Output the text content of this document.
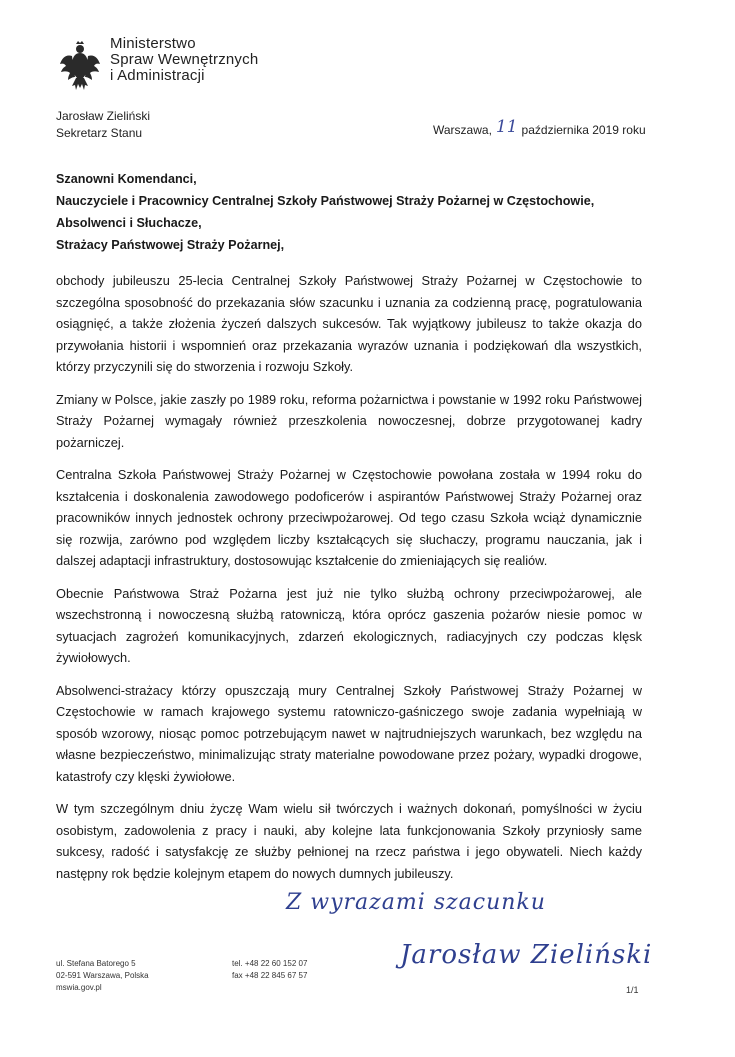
Ministerstwo
Spraw Wewnętrznych
i Administracji
Jarosław Zieliński
Sekretarz Stanu	Warszawa, 11 października 2019 roku
Szanowni Komendanci,
Nauczyciele i Pracownicy Centralnej Szkoły Państwowej Straży Pożarnej w Częstochowie,
Absolwenci i Słuchacze,
Strażacy Państwowej Straży Pożarnej,

obchody jubileuszu 25-lecia Centralnej Szkoły Państwowej Straży Pożarnej w Częstochowie to szczególna sposobność do przekazania słów szacunku i uznania za codzienną pracę, pogratulowania osiągnięć, a także złożenia życzeń dalszych sukcesów. Tak wyjątkowy jubileusz to także okazja do przywołania historii i wspomnień oraz przekazania wyrazów uznania i podziękowań dla wszystkich, którzy przyczynili się do stworzenia i rozwoju Szkoły.

Zmiany w Polsce, jakie zaszły po 1989 roku, reforma pożarnictwa i powstanie w 1992 roku Państwowej Straży Pożarnej wymagały również przeszkolenia nowoczesnej, dobrze przygotowanej kadry pożarniczej.

Centralna Szkoła Państwowej Straży Pożarnej w Częstochowie powołana została w 1994 roku do kształcenia i doskonalenia zawodowego podoficerów i aspirantów Państwowej Straży Pożarnej oraz pracowników innych jednostek ochrony przeciwpożarowej. Od tego czasu Szkoła wciąż dynamicznie się rozwija, zarówno pod względem liczby kształcących się słuchaczy, programu nauczania, jak i dalszej adaptacji infrastruktury, dostosowując kształcenie do zmieniających się realiów.

Obecnie Państwowa Straż Pożarna jest już nie tylko służbą ochrony przeciwpożarowej, ale wszechstronną i nowoczesną służbą ratowniczą, która oprócz gaszenia pożarów niesie pomoc w sytuacjach zagrożeń komunikacyjnych, zdarzeń ekologicznych, radiacyjnych czy podczas klęsk żywiołowych.

Absolwenci-strażacy którzy opuszczają mury Centralnej Szkoły Państwowej Straży Pożarnej w Częstochowie w ramach krajowego systemu ratowniczo-gaśniczego swoje zadania wypełniają w sposób wzorowy, niosąc pomoc potrzebującym nawet w najtrudniejszych warunkach, bez względu na własne bezpieczeństwo, minimalizując straty materialne powodowane przez pożary, wypadki drogowe, katastrofy czy klęski żywiołowe.

W tym szczególnym dniu życzę Wam wielu sił twórczych i ważnych dokonań, pomyślności w życiu osobistym, zadowolenia z pracy i nauki, aby kolejne lata funkcjonowania Szkoły przyniosły same sukcesy, radość i satysfakcję ze służby pełnionej na rzecz państwa i jego obywateli. Niech każdy następny rok będzie kolejnym etapem do nowych dumnych jubileuszy.

Z wyrazami szacunku
Jarosław Zieliński
ul. Stefana Batorego 5
02-591 Warszawa, Polska
mswia.gov.pl
tel. +48 22 60 152 07
fax +48 22 845 67 57
1/1
